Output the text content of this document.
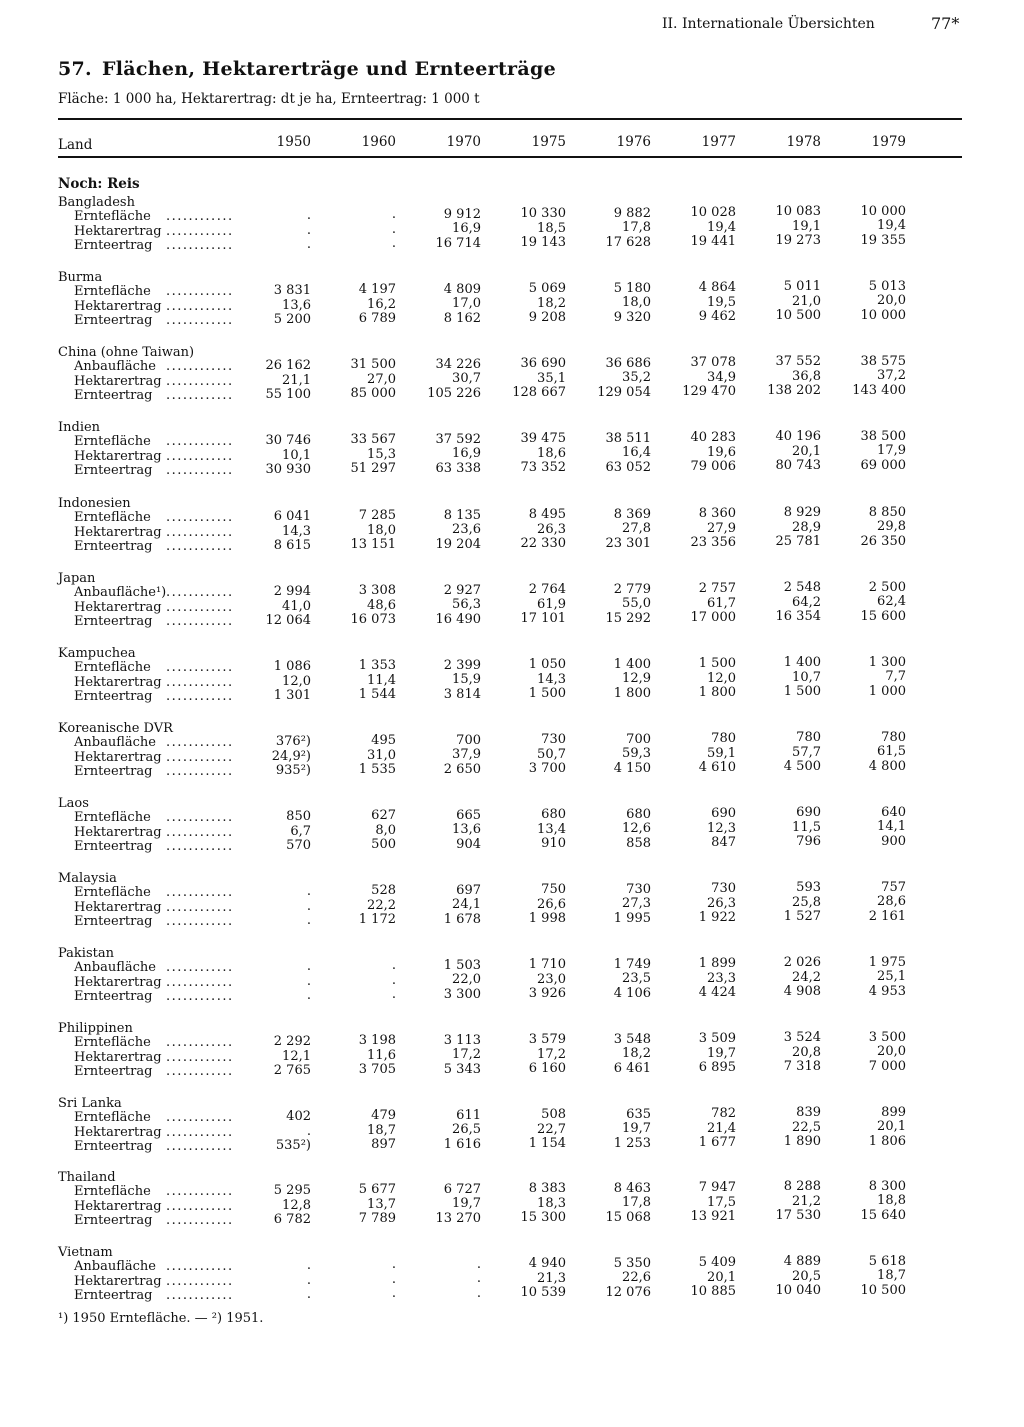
II. Internationale Übersichten	77*
57. Flächen, Hektarerträge und Ernteerträge
Fläche: 1 000 ha, Hektarertrag: dt je ha, Ernteertrag: 1 000 t
Land	1950	1960	1970	1975	1976	1977	1978	1979
Noch: Reis
Bangladesh
Erntefläche ............	.	.	9 912	10 330	9 882	10 028	10 083	10 000
Hektarertrag ............	.	.	16,9	18,5	17,8	19,4	19,1	19,4
Ernteertrag ............	.	.	16 714	19 143	17 628	19 441	19 273	19 355
Burma
Erntefläche ............	3 831	4 197	4 809	5 069	5 180	4 864	5 011	5 013
Hektarertrag ............	13,6	16,2	17,0	18,2	18,0	19,5	21,0	20,0
Ernteertrag ............	5 200	6 789	8 162	9 208	9 320	9 462	10 500	10 000
China (ohne Taiwan)
Anbaufläche ............	26 162	31 500	34 226	36 690	36 686	37 078	37 552	38 575
Hektarertrag ............	21,1	27,0	30,7	35,1	35,2	34,9	36,8	37,2
Ernteertrag ............	55 100	85 000	105 226	128 667	129 054	129 470	138 202	143 400
Indien
Erntefläche ............	30 746	33 567	37 592	39 475	38 511	40 283	40 196	38 500
Hektarertrag ............	10,1	15,3	16,9	18,6	16,4	19,6	20,1	17,9
Ernteertrag ............	30 930	51 297	63 338	73 352	63 052	79 006	80 743	69 000
Indonesien
Erntefläche ............	6 041	7 285	8 135	8 495	8 369	8 360	8 929	8 850
Hektarertrag ............	14,3	18,0	23,6	26,3	27,8	27,9	28,9	29,8
Ernteertrag ............	8 615	13 151	19 204	22 330	23 301	23 356	25 781	26 350
Japan
Anbaufläche¹) ............	2 994	3 308	2 927	2 764	2 779	2 757	2 548	2 500
Hektarertrag ............	41,0	48,6	56,3	61,9	55,0	61,7	64,2	62,4
Ernteertrag ............	12 064	16 073	16 490	17 101	15 292	17 000	16 354	15 600
Kampuchea
Erntefläche ............	1 086	1 353	2 399	1 050	1 400	1 500	1 400	1 300
Hektarertrag ............	12,0	11,4	15,9	14,3	12,9	12,0	10,7	7,7
Ernteertrag ............	1 301	1 544	3 814	1 500	1 800	1 800	1 500	1 000
Koreanische DVR
Anbaufläche ............	376²)	495	700	730	700	780	780	780
Hektarertrag ............	24,9²)	31,0	37,9	50,7	59,3	59,1	57,7	61,5
Ernteertrag ............	935²)	1 535	2 650	3 700	4 150	4 610	4 500	4 800
Laos
Erntefläche ............	850	627	665	680	680	690	690	640
Hektarertrag ............	6,7	8,0	13,6	13,4	12,6	12,3	11,5	14,1
Ernteertrag ............	570	500	904	910	858	847	796	900
Malaysia
Erntefläche ............	.	528	697	750	730	730	593	757
Hektarertrag ............	.	22,2	24,1	26,6	27,3	26,3	25,8	28,6
Ernteertrag ............	.	1 172	1 678	1 998	1 995	1 922	1 527	2 161
Pakistan
Anbaufläche ............	.	.	1 503	1 710	1 749	1 899	2 026	1 975
Hektarertrag ............	.	.	22,0	23,0	23,5	23,3	24,2	25,1
Ernteertrag ............	.	.	3 300	3 926	4 106	4 424	4 908	4 953
Philippinen
Erntefläche ............	2 292	3 198	3 113	3 579	3 548	3 509	3 524	3 500
Hektarertrag ............	12,1	11,6	17,2	17,2	18,2	19,7	20,8	20,0
Ernteertrag ............	2 765	3 705	5 343	6 160	6 461	6 895	7 318	7 000
Sri Lanka
Erntefläche ............	402	479	611	508	635	782	839	899
Hektarertrag ............	.	18,7	26,5	22,7	19,7	21,4	22,5	20,1
Ernteertrag ............	535²)	897	1 616	1 154	1 253	1 677	1 890	1 806
Thailand
Erntefläche ............	5 295	5 677	6 727	8 383	8 463	7 947	8 288	8 300
Hektarertrag ............	12,8	13,7	19,7	18,3	17,8	17,5	21,2	18,8
Ernteertrag ............	6 782	7 789	13 270	15 300	15 068	13 921	17 530	15 640
Vietnam
Anbaufläche ............	.	.	.	4 940	5 350	5 409	4 889	5 618
Hektarertrag ............	.	.	.	21,3	22,6	20,1	20,5	18,7
Ernteertrag ............	.	.	.	10 539	12 076	10 885	10 040	10 500
¹) 1950 Erntefläche. — ²) 1951.
